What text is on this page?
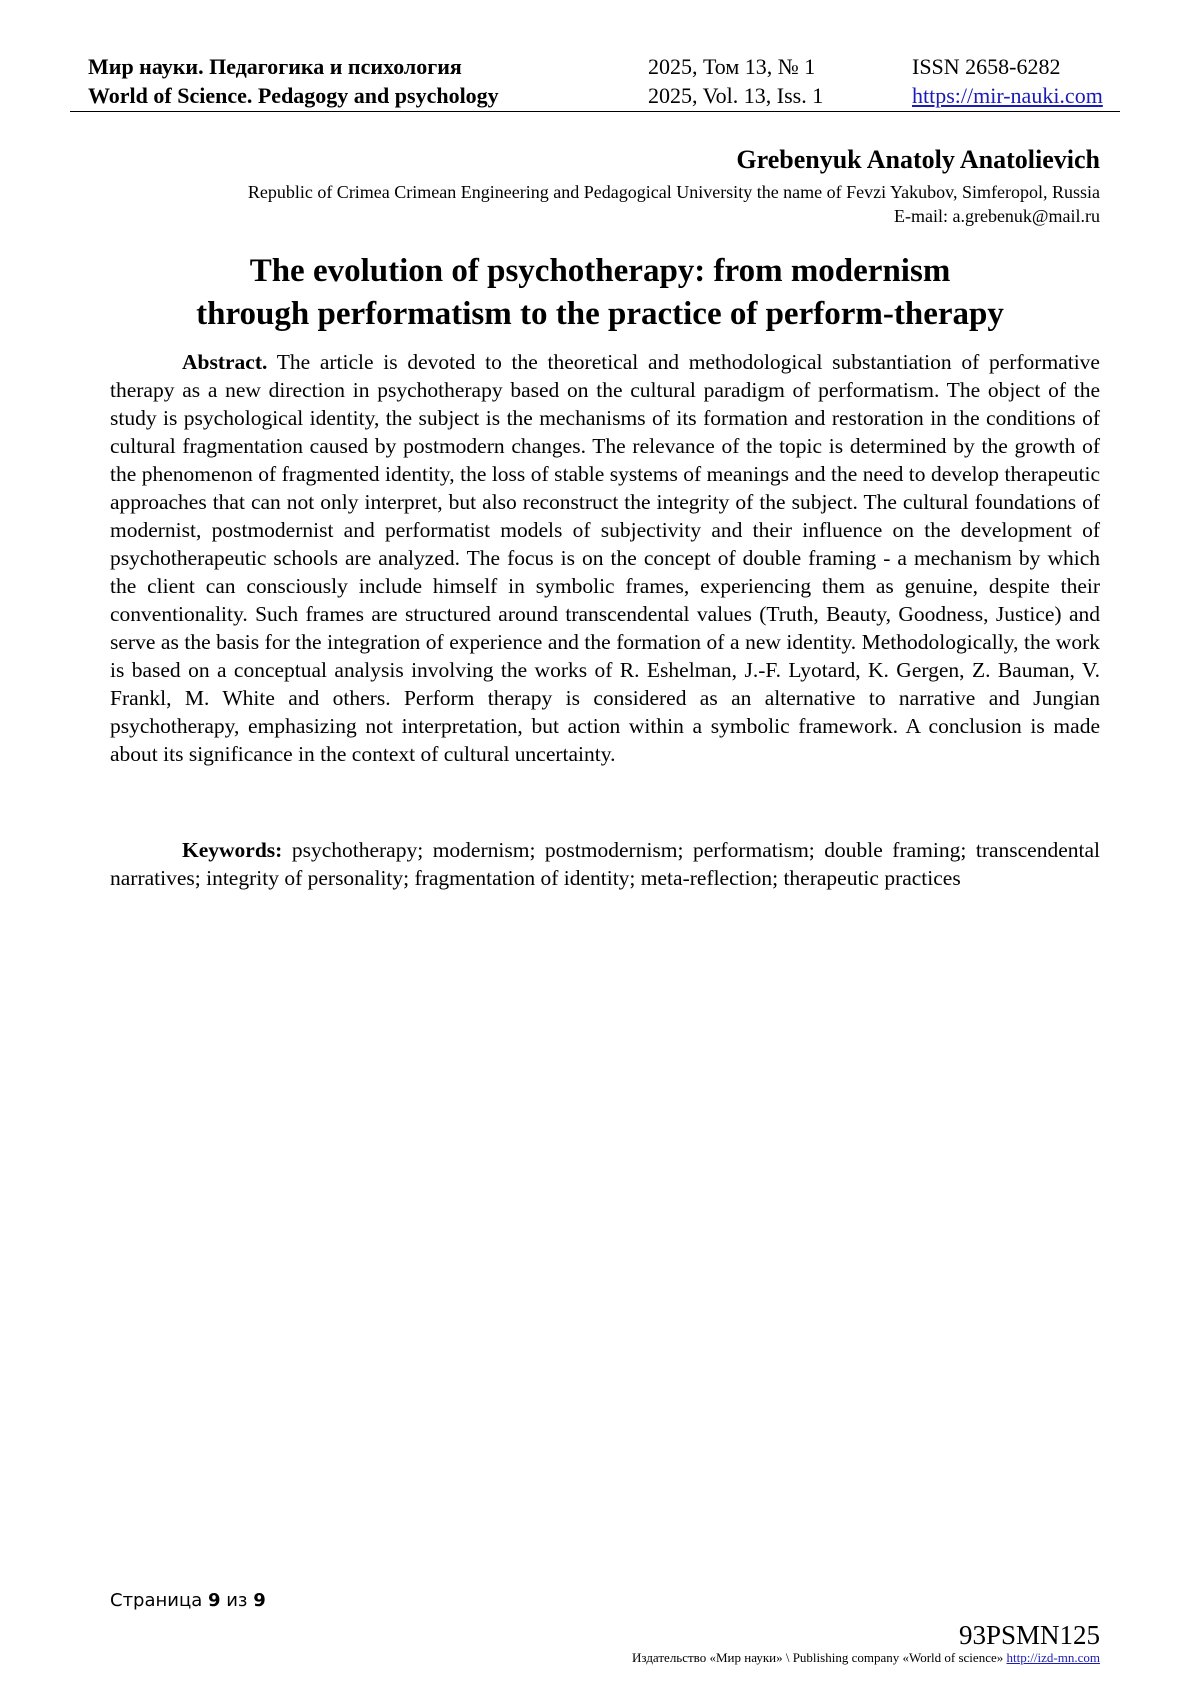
Мир науки. Педагогика и психология
World of Science. Pedagogy and psychology
2025, Том 13, № 1
2025, Vol. 13, Iss. 1
ISSN 2658-6282
https://mir-nauki.com
Grebenyuk Anatoly Anatolievich
Republic of Crimea Crimean Engineering and Pedagogical University the name of Fevzi Yakubov, Simferopol, Russia
E-mail: a.grebenuk@mail.ru
The evolution of psychotherapy: from modernism
through performatism to the practice of perform-therapy

Abstract. The article is devoted to the theoretical and methodological substantiation of performative therapy as a new direction in psychotherapy based on the cultural paradigm of performatism. The object of the study is psychological identity, the subject is the mechanisms of its formation and restoration in the conditions of cultural fragmentation caused by postmodern changes. The relevance of the topic is determined by the growth of the phenomenon of fragmented identity, the loss of stable systems of meanings and the need to develop therapeutic approaches that can not only interpret, but also reconstruct the integrity of the subject. The cultural foundations of modernist, postmodernist and performatist models of subjectivity and their influence on the development of psychotherapeutic schools are analyzed. The focus is on the concept of double framing - a mechanism by which the client can consciously include himself in symbolic frames, experiencing them as genuine, despite their conventionality. Such frames are structured around transcendental values (Truth, Beauty, Goodness, Justice) and serve as the basis for the integration of experience and the formation of a new identity. Methodologically, the work is based on a conceptual analysis involving the works of R. Eshelman, J.-F. Lyotard, K. Gergen, Z. Bauman, V. Frankl, M. White and others. Perform therapy is considered as an alternative to narrative and Jungian psychotherapy, emphasizing not interpretation, but action within a symbolic framework. A conclusion is made about its significance in the context of cultural uncertainty.

Keywords: psychotherapy; modernism; postmodernism; performatism; double framing; transcendental narratives; integrity of personality; fragmentation of identity; meta-reflection; therapeutic practices

Страница 9 из 9
93PSMN125
Издательство «Мир науки» \ Publishing company «World of science» http://izd-mn.com
